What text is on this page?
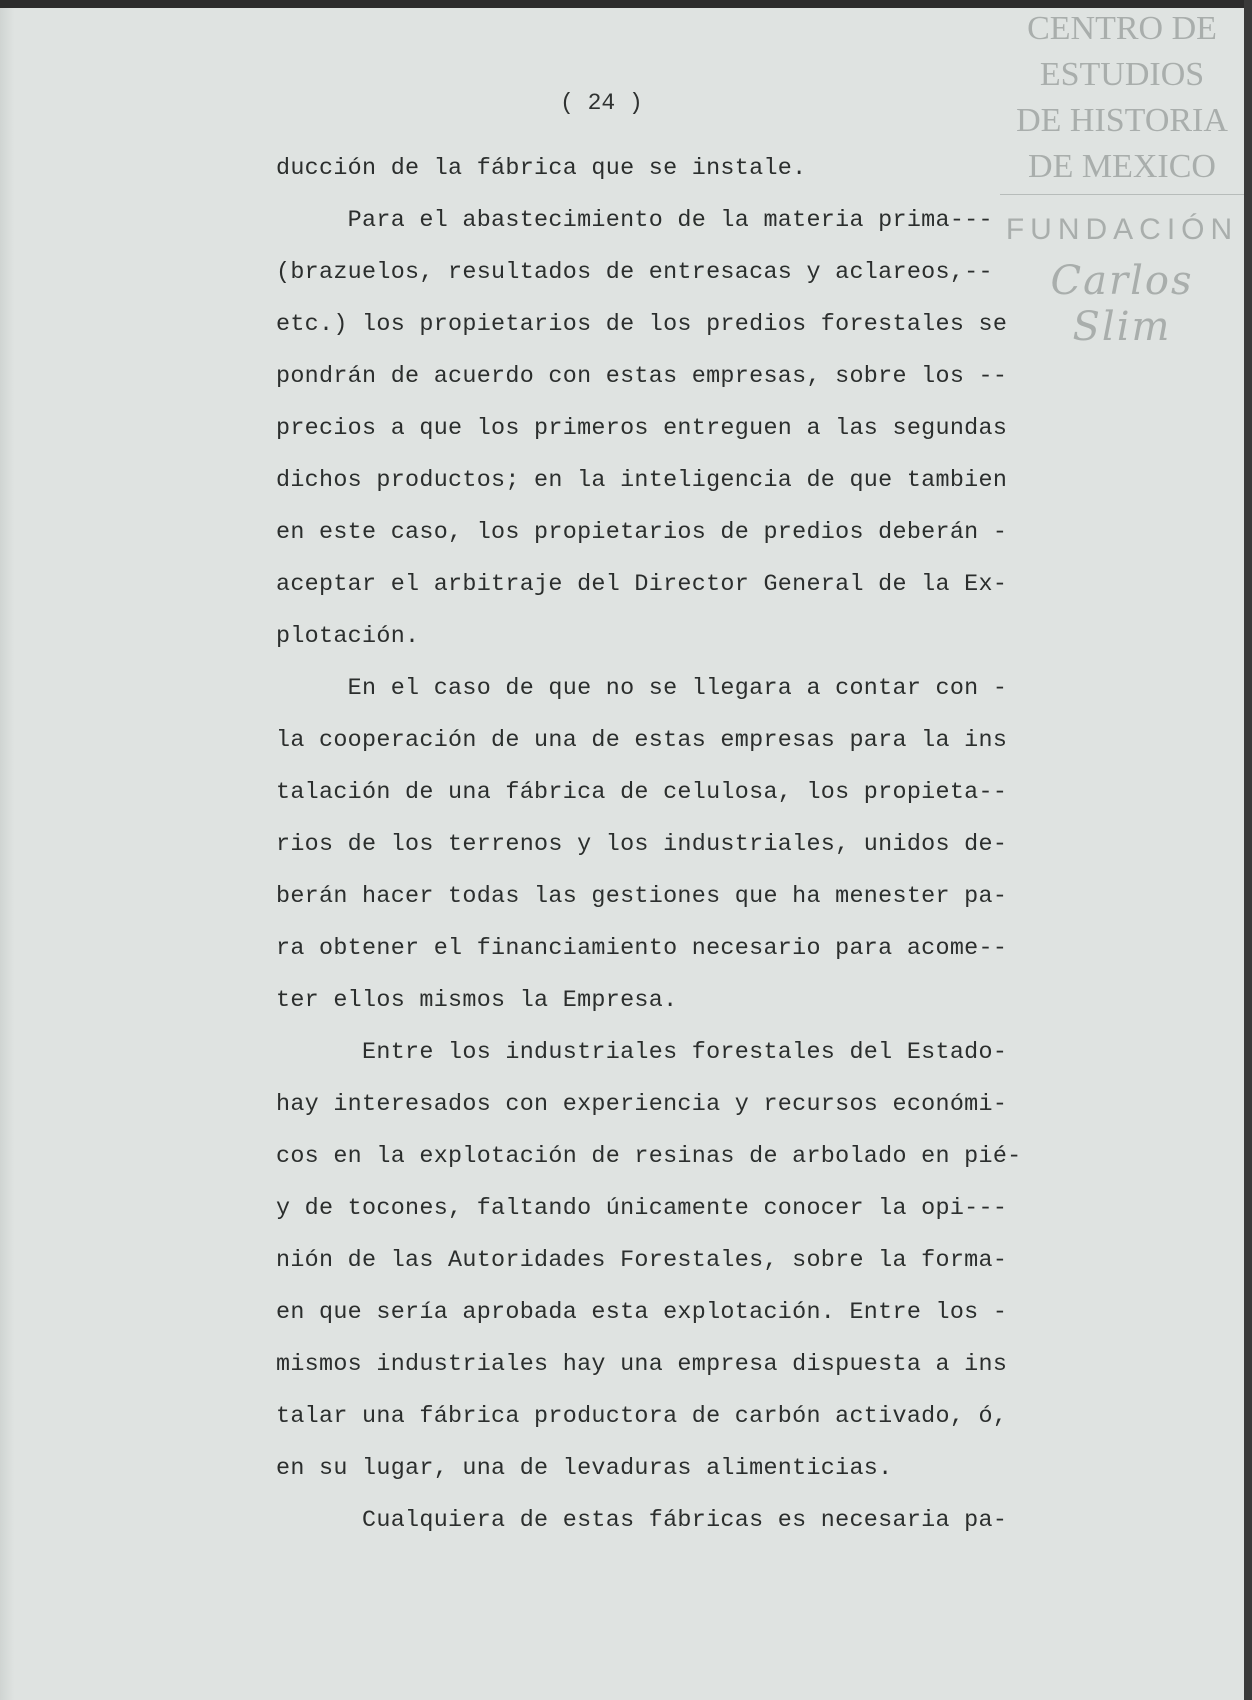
CENTRO DE
ESTUDIOS
DE HISTORIA
DE MEXICO
FUNDACIÓN
Carlos Slim
( 24 )
ducción de la fábrica que se instale.
Para el abastecimiento de la materia prima---
(brazuelos, resultados de entresacas y aclareos,--
etc.) los propietarios de los predios forestales se
pondrán de acuerdo con estas empresas, sobre los --
precios a que los primeros entreguen a las segundas
dichos productos; en la inteligencia de que tambien
en este caso, los propietarios de predios deberán -
aceptar el arbitraje del Director General de la Ex-
plotación.
En el caso de que no se llegara a contar con -
la cooperación de una de estas empresas para la ins
talación de una fábrica de celulosa, los propieta--
rios de los terrenos y los industriales, unidos de-
berán hacer todas las gestiones que ha menester pa-
ra obtener el financiamiento necesario para acome--
ter ellos mismos la Empresa.
Entre los industriales forestales del Estado-
hay interesados con experiencia y recursos económi-
cos en la explotación de resinas de arbolado en pié-
y de tocones, faltando únicamente conocer la opi---
nión de las Autoridades Forestales, sobre la forma-
en que sería aprobada esta explotación. Entre los -
mismos industriales hay una empresa dispuesta a ins
talar una fábrica productora de carbón activado, ó,
en su lugar, una de levaduras alimenticias.
Cualquiera de estas fábricas es necesaria pa-
